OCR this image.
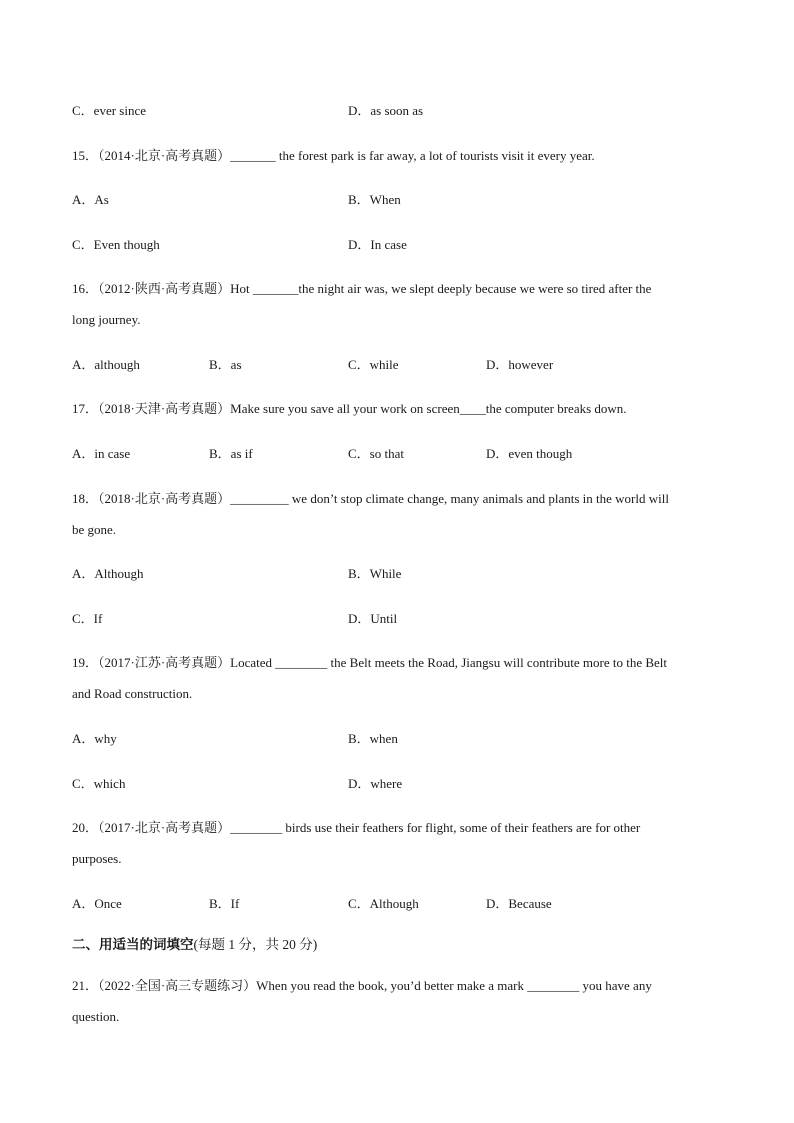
C．ever since	D．as soon as
15．（2014·北京·高考真题）_______ the forest park is far away, a lot of tourists visit it every year.
A．As	B．When
C．Even though	D．In case
16．（2012·陕西·高考真题）Hot _______the night air was, we slept deeply because we were so tired after the
long journey.
A．although	B．as	C．while	D．however
17．（2018·天津·高考真题）Make sure you save all your work on screen____the computer breaks down.
A．in case	B．as if	C．so that	D．even though
18．（2018·北京·高考真题）_________ we don’t stop climate change, many animals and plants in the world will
be gone.
A．Although	B．While
C．If	D．Until
19．（2017·江苏·高考真题）Located ________ the Belt meets the Road, Jiangsu will contribute more to the Belt
and Road construction.
A．why	B．when
C．which	D．where
20．（2017·北京·高考真题）________ birds use their feathers for flight, some of their feathers are for other
purposes.
A．Once	B．If	C．Although	D．Because
二、用适当的词填空(每题 1 分，共 20 分)
21．（2022·全国·高三专题练习）When you read the book, you’d better make a mark ________ you have any
question.
